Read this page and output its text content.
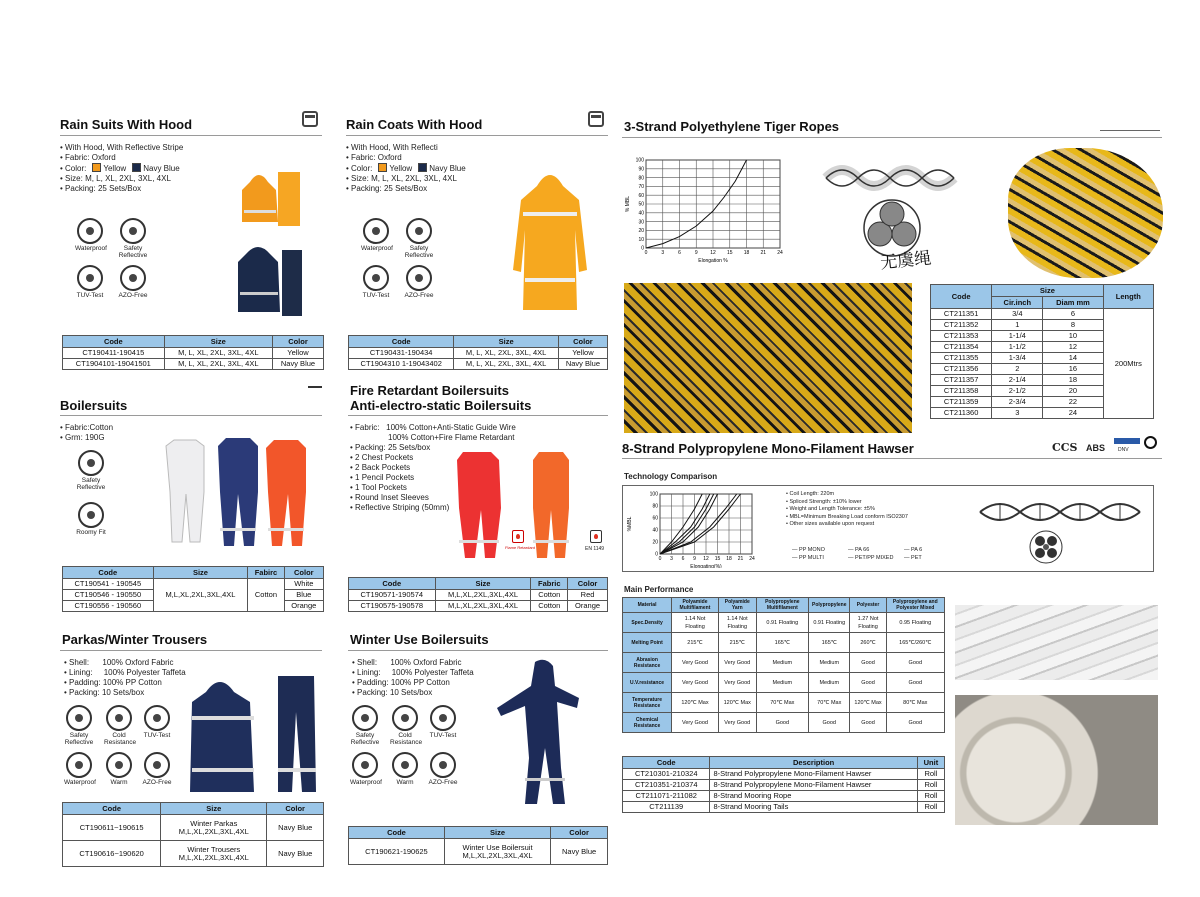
Rain Suits With Hood
• With Hood, With Reflective Stripe
• Fabric: Oxford
• Color: Yellow Navy Blue
• Size: M, L, XL, 2XL, 3XL, 4XL
• Packing: 25 Sets/Box
Waterproof	Safety Reflective
TUV-Test AZO-Free
Code	Size	Color
CT190411-190415	M, L, XL, 2XL, 3XL, 4XL	Yellow
CT1904101-19041501	M, L, XL, 2XL, 3XL, 4XL	Navy Blue
Rain Coats With Hood
• With Hood, With Reflecti
• Fabric: Oxford
• Color: Yellow Navy Blue
• Size: M, L, XL, 2XL, 3XL, 4XL
• Packing: 25 Sets/Box
Waterproof	Safety Reflective
TUV-Test AZO-Free
Code	Size	Color
CT190431-190434	M, L, XL, 2XL, 3XL, 4XL	Yellow
CT1904310 1-19043402	M, L, XL, 2XL, 3XL, 4XL	Navy Blue
Boilersuits
• Fabric:Cotton
• Grm: 190G
Safety Reflective
Roomy Fit
Code	Size	Fabirc	Color
CT190541 - 190545	M,L,XL,2XL,3XL,4XL	Cotton	White
CT190546 - 190550			Blue
CT190556 - 190560			Orange
Fire Retardant Boilersuits
Anti-electro-static Boilersuits
• Fabric: 100% Cotton+Anti-Static Guide Wire
100% Cotton+Fire Flame Retardant
• Packing: 25 Sets/box
• 2 Chest Pockets
• 2 Back Pockets
• 1 Pencil Pockets
• 1 Tool Pockets
• Round Inset Sleeves
• Reflective Striping (50mm)
Flame Retardant	EN 1149
Code	Size	Fabric	Color
CT190571-190574	M,L,XL,2XL,3XL,4XL	Cotton	Red
CT190575-190578	M,L,XL,2XL,3XL,4XL	Cotton	Orange
Parkas/Winter Trousers
• Shell: 100% Oxford Fabric
• Lining: 100% Polyester Taffeta
• Padding: 100% PP Cotton
• Packing: 10 Sets/box
Safety Reflective
Cold Resistance
TUV-Test
Waterproof	Warm	AZO-Free
Code	Size	Color
CT190611~190615	Winter Parkas
M,L,XL,2XL,3XL,4XL	Navy Blue
CT190616~190620	Winter Trousers
M,L,XL,2XL,3XL,4XL	Navy Blue
Winter Use Boilersuits
• Shell: 100% Oxford Fabric
• Lining: 100% Polyester Taffeta
• Padding: 100% PP Cotton
• Packing: 10 Sets/box
Safety Reflective
Cold Resistance
TUV-Test
Waterproof	Warm	AZO-Free
Code	Size	Color
CT190621-190625	Winter Use Boilersuit
M,L,XL,2XL,3XL,4XL	Navy Blue
3-Strand Polyethylene Tiger Ropes
0	3	6	9	12 15 18 21 24
0
10
20
30
40
50
60
70
80
90
100
Elongation %
% MBL
无虞绳
Code	Size		Length
	Cir.inch	Diam mm	
CT211351	3/4	6	200Mtrs
CT211352	1	8	
CT211353	1-1/4	10	
CT211354	1-1/2	12	
CT211355	1-3/4	14	
CT211356	2	16	
CT211357	2-1/4	18	
CT211358	2-1/2	20	
CT211359	2-3/4	22	
CT211360	3	24	
8-Strand Polypropylene Mono-Filament Hawser	CCS ABS	DNV
Technology Comparison
0 3 6 9 12 15 18 21 24
0
20
40
60
80
100
Elongating(%)
%MBL
— PP MONO	— PA 66	— PA 6
— PP MULTI	— PET/PP MIXED — PET
• Coil Length: 220m
• Spliced Strength: ±10% lower
• Weight and Length Tolerance: ±5%
• MBL=Minimum Breaking Load conform ISO2307
• Other sizes available upon request
Main Performance
Material	Polyamide Multifilament	Polyamide Yarn	Polypropylene Multifilament	Polypropylene	Polyester	Polypropylene and Polyester Mixed
Spec.Density	1.14 Not Floating	1.14 Not Floating	0.91 Floating	0.91 Floating	1.27 Not Floating	0.95 Floating
Melting Point	215℃	215℃	165℃	165℃	260℃	165℃/260℃
Abrasion Resistance	Very Good	Very Good	Medium	Medium	Good	Good
U.V.resistance	Very Good	Very Good	Medium	Medium	Good	Good
Temperature Resistance	120℃ Max	120℃ Max	70℃ Max	70℃ Max	120℃ Max	80℃ Max
Chemical Resistance	Very Good	Very Good	Good	Good	Good	Good
Code	Description	Unit
CT210301-210324	8-Strand Polypropylene Mono-Filament Hawser	Roll
CT210351-210374	8-Strand Polypropylene Mono-Filament Hawser	Roll
CT211071-211082	8-Strand Mooring Rope	Roll
CT211139	8-Strand Mooring Tails	Roll
